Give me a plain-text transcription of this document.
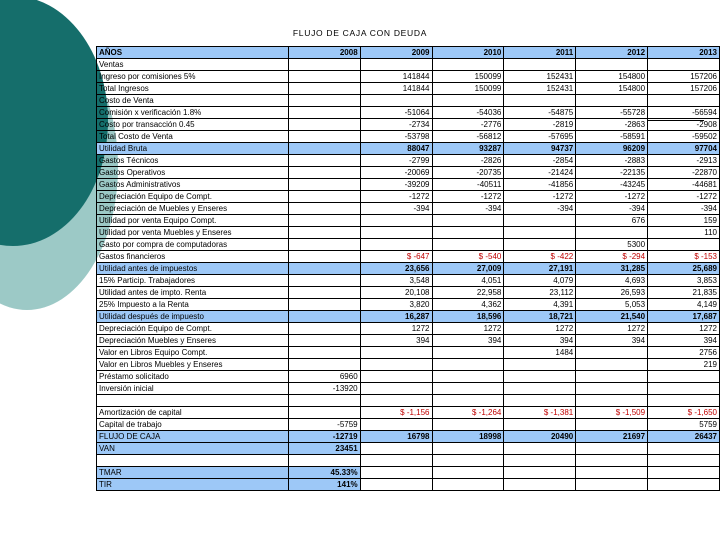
FLUJO DE CAJA CON DEUDA
AÑOS	2008	2009	2010	2011	2012	2013
Ventas						
Ingreso por comisiones 5%		141844	150099	152431	154800	157206
Total Ingresos		141844	150099	152431	154800	157206
Costo de Venta						
Comisión x verificación 1.8%		-51064	-54036	-54875	-55728	-56594
Costo por transacción 0.45		-2734	-2776	-2819	-2863	-2908
Total Costo de Venta		-53798	-56812	-57695	-58591	-59502
Utilidad Bruta		88047	93287	94737	96209	97704
Gastos Técnicos		-2799	-2826	-2854	-2883	-2913
Gastos Operativos		-20069	-20735	-21424	-22135	-22870
Gastos Administrativos		-39209	-40511	-41856	-43245	-44681
Depreciación Equipo de Compt.		-1272	-1272	-1272	-1272	-1272
Depreciación de Muebles y Enseres		-394	-394	-394	-394	-394
Utilidad por venta Equipo Compt.					676	159
Utilidad por venta Muebles y Enseres						110
Gasto por compra de computadoras					5300	
Gastos financieros		$ -647	$ -540	$ -422	$ -294	$ -153
Utilidad antes de impuestos		23,656	27,009	27,191	31,285	25,689
15% Particip. Trabajadores		3,548	4,051	4,079	4,693	3,853
Utilidad antes de impto. Renta		20,108	22,958	23,112	26,593	21,835
25% Impuesto a la Renta		3,820	4,362	4,391	5,053	4,149
Utilidad después de impuesto		16,287	18,596	18,721	21,540	17,687
Depreciación Equipo de Compt.		1272	1272	1272	1272	1272
Depreciación Muebles y Enseres		394	394	394	394	394
Valor en Libros Equipo Compt.				1484		2756
Valor en Libros Muebles y Enseres						219
Préstamo solicitado	6960					
Inversión inicial	-13920					

Amortización de capital		$ -1,156	$ -1,264	$ -1,381	$ -1,509	$ -1,650
Capital de trabajo	-5759					5759
FLUJO DE CAJA	-12719	16798	18998	20490	21697	26437
VAN	23451					

TMAR	45.33%					
TIR	141%					
